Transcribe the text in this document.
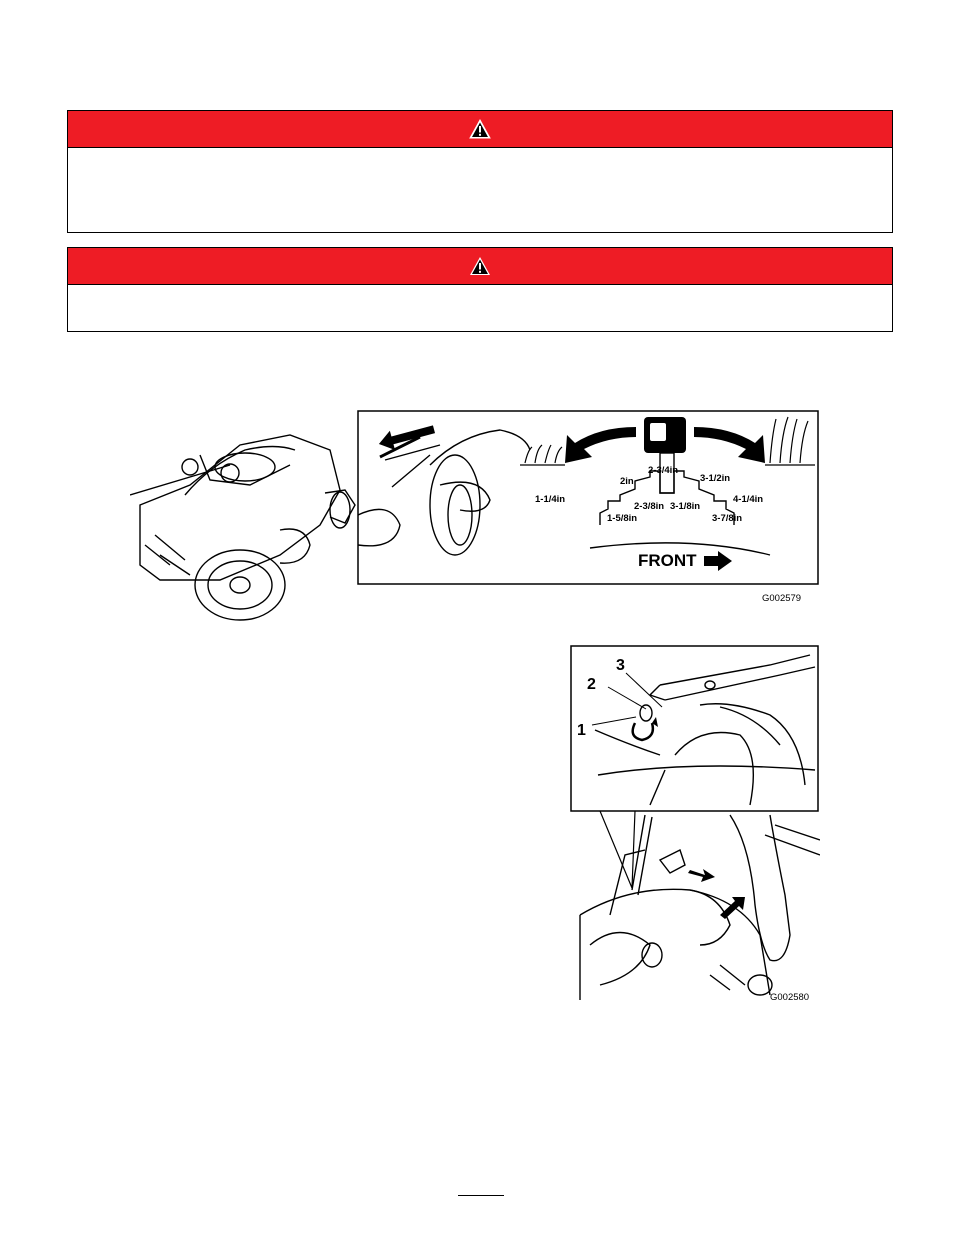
1-1/4in
1-5/8in
2in
2-3/8in
2-3/4in
3-1/8in
3-1/2in
3-7/8in
4-1/4in
FRONT
G002579
3
2
1
G002580
